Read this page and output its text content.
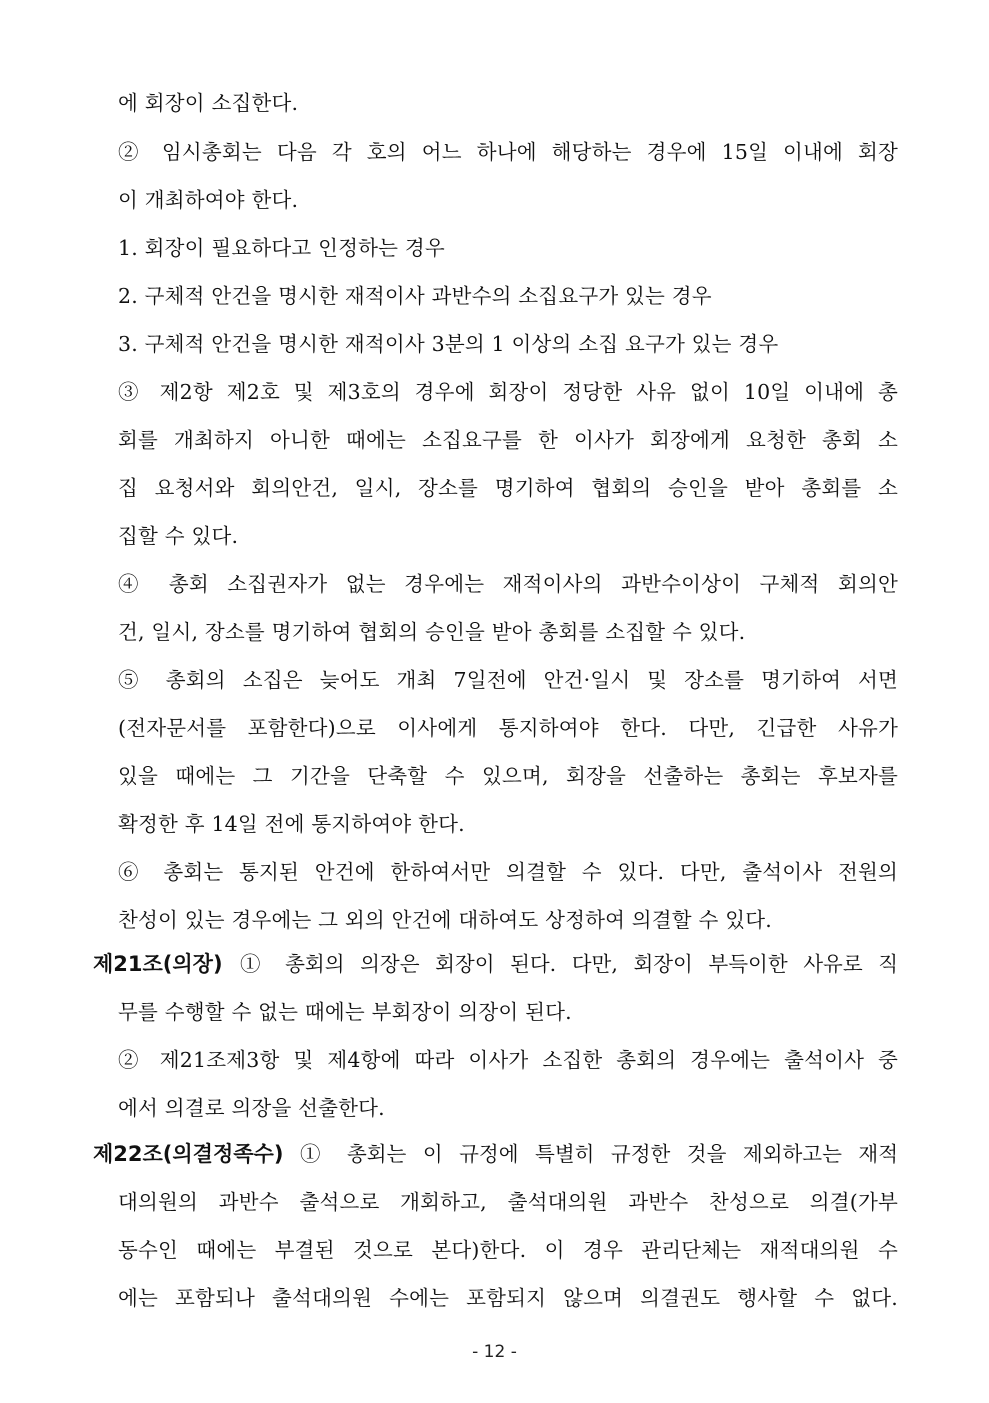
에 회장이 소집한다.
② 임시총회는 다음 각 호의 어느 하나에 해당하는 경우에 15일 이내에 회장
이 개최하여야 한다.
1. 회장이 필요하다고 인정하는 경우
2. 구체적 안건을 명시한 재적이사 과반수의 소집요구가 있는 경우
3. 구체적 안건을 명시한 재적이사 3분의 1 이상의 소집 요구가 있는 경우
③ 제2항 제2호 및 제3호의 경우에 회장이 정당한 사유 없이 10일 이내에 총
회를 개최하지 아니한 때에는 소집요구를 한 이사가 회장에게 요청한 총회 소
집 요청서와 회의안건, 일시, 장소를 명기하여 협회의 승인을 받아 총회를 소
집할 수 있다.
④ 총회 소집권자가 없는 경우에는 재적이사의 과반수이상이 구체적 회의안
건, 일시, 장소를 명기하여 협회의 승인을 받아 총회를 소집할 수 있다.
⑤ 총회의 소집은 늦어도 개최 7일전에 안건·일시 및 장소를 명기하여 서면
(전자문서를 포함한다)으로 이사에게 통지하여야 한다. 다만, 긴급한 사유가
있을 때에는 그 기간을 단축할 수 있으며, 회장을 선출하는 총회는 후보자를
확정한 후 14일 전에 통지하여야 한다.
⑥ 총회는 통지된 안건에 한하여서만 의결할 수 있다. 다만, 출석이사 전원의
찬성이 있는 경우에는 그 외의 안건에 대하여도 상정하여 의결할 수 있다.
제21조(의장) ① 총회의 의장은 회장이 된다. 다만, 회장이 부득이한 사유로 직
무를 수행할 수 없는 때에는 부회장이 의장이 된다.
② 제21조제3항 및 제4항에 따라 이사가 소집한 총회의 경우에는 출석이사 중
에서 의결로 의장을 선출한다.
제22조(의결정족수) ① 총회는 이 규정에 특별히 규정한 것을 제외하고는 재적
대의원의 과반수 출석으로 개회하고, 출석대의원 과반수 찬성으로 의결(가부
동수인 때에는 부결된 것으로 본다)한다. 이 경우 관리단체는 재적대의원 수
에는 포함되나 출석대의원 수에는 포함되지 않으며 의결권도 행사할 수 없다.
- 12 -
